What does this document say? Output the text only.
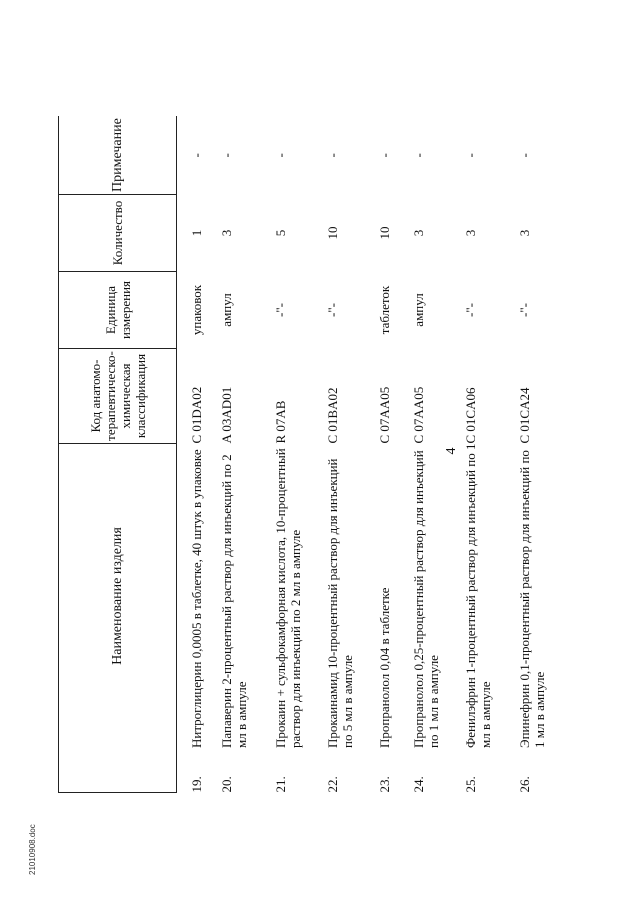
4
	Наименование изделия	Код анатомо-терапевтическо-химическая классификация	Единица измерения	Количество	Примечание
19.	Нитроглицерин 0,0005 в таблетке, 40 штук в упаковке	C 01DA02	упаковок	1	-
20.	Папаверин 2-процентный раствор для инъекций по 2 мл в ампуле	A 03AD01	ампул	3	-
21.	Прокаин + сульфокамфорная кислота, 10-процентный раствор для инъекций по 2 мл в ампуле	R 07AB	-"-	5	-
22.	Прокаинамид 10-процентный раствор для инъекций по 5 мл в ампуле	C 01BA02	-"-	10	-
23.	Пропранолол 0,04 в таблетке	C 07AA05	таблеток	10	-
24.	Пропранолол 0,25-процентный раствор для инъекций по 1 мл в ампуле	C 07AA05	ампул	3	-
25.	Фенилэфрин 1-процентный раствор для инъекций по 1 мл в ампуле	C 01CA06	-"-	3	-
26.	Эпинефрин 0,1-процентный раствор для инъекций по 1 мл в ампуле	C 01CA24	-"-	3	-
21010908.doc
